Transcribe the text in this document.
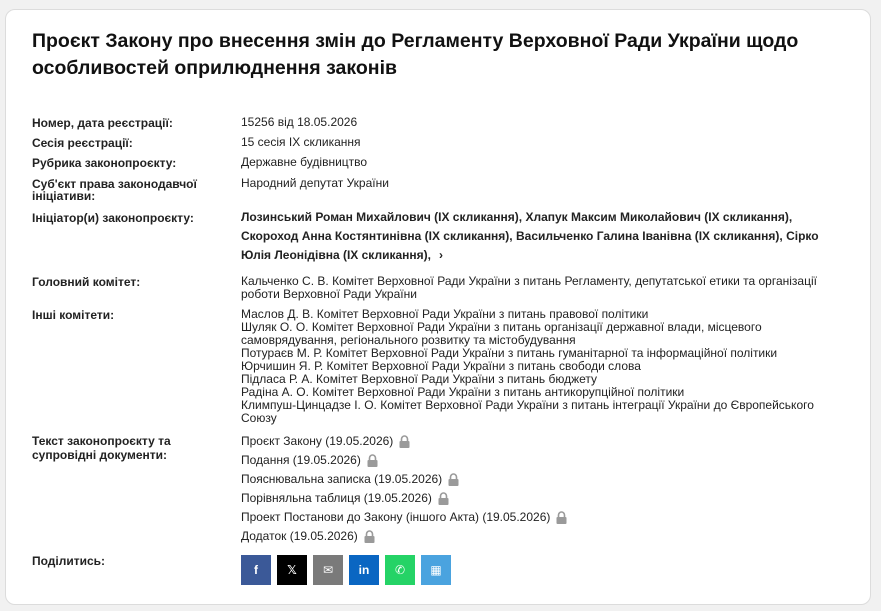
Проєкт Закону про внесення змін до Регламенту Верховної Ради України щодо особливостей оприлюднення законів
Номер, дата реєстрації:	15256 від 18.05.2026
Сесія реєстрації:	15 сесія IX скликання
Рубрика законопроєкту:	Державне будівництво
Суб'єкт права законодавчої ініціативи:
Народний депутат України
Ініціатор(и) законопроєкту:	Лозинський Роман Михайлович (IX скликання), Хлапук Максим Миколайович (IX скликання), Скороход Анна Костянтинівна (IX скликання), Васильченко Галина Іванівна (IX скликання), Сірко Юлія Леонідівна (IX скликання), ›
Головний комітет:	Кальченко С. В. Комітет Верховної Ради України з питань Регламенту, депутатської етики та організації роботи Верховної Ради України
Інші комітети:	Маслов Д. В. Комітет Верховної Ради України з питань правової політики
Шуляк О. О. Комітет Верховної Ради України з питань організації державної влади, місцевого самоврядування, регіонального розвитку та містобудування
Потураєв М. Р. Комітет Верховної Ради України з питань гуманітарної та інформаційної політики
Юрчишин Я. Р. Комітет Верховної Ради України з питань свободи слова
Підласа Р. А. Комітет Верховної Ради України з питань бюджету
Радіна А. О. Комітет Верховної Ради України з питань антикорупційної політики
Климпуш-Цинцадзе І. О. Комітет Верховної Ради України з питань інтеграції України до Європейського Союзу
Текст законопроєкту та супровідні документи:
Проєкт Закону (19.05.2026)
Подання (19.05.2026)
Пояснювальна записка (19.05.2026)
Порівняльна таблиця (19.05.2026)
Проект Постанови до Закону (іншого Акта) (19.05.2026)
Додаток (19.05.2026)
Поділитись:
f 𝕏 ✉ in ✆ ▦
